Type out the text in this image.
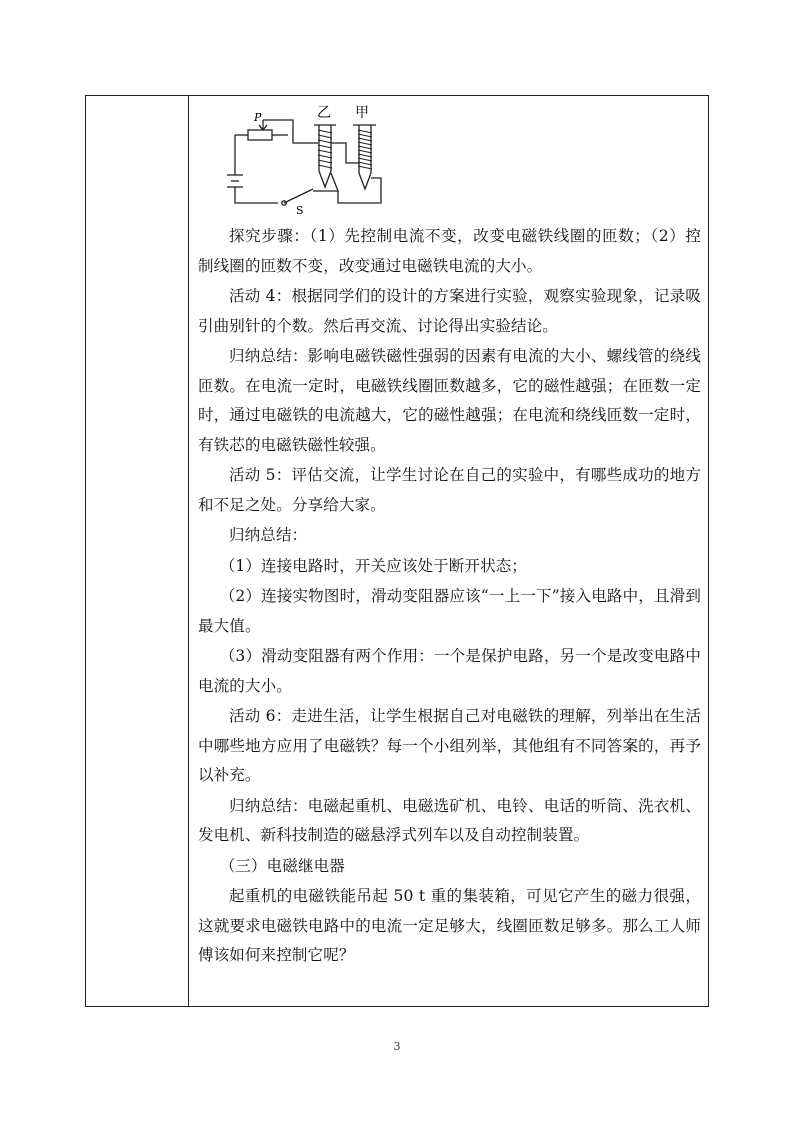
探究步骤：（1）先控制电流不变，改变电磁铁线圈的匝数；（2）控制线圈的匝数不变，改变通过电磁铁电流的大小。

活动 4：根据同学们的设计的方案进行实验，观察实验现象，记录吸引曲别针的个数。然后再交流、讨论得出实验结论。

归纳总结：影响电磁铁磁性强弱的因素有电流的大小、螺线管的绕线匝数。在电流一定时，电磁铁线圈匝数越多，它的磁性越强；在匝数一定时，通过电磁铁的电流越大，它的磁性越强；在电流和绕线匝数一定时，有铁芯的电磁铁磁性较强。

活动 5：评估交流，让学生讨论在自己的实验中，有哪些成功的地方和不足之处。分享给大家。

归纳总结：

（1）连接电路时，开关应该处于断开状态；

（2）连接实物图时，滑动变阻器应该“一上一下”接入电路中，且滑到最大值。

（3）滑动变阻器有两个作用：一个是保护电路，另一个是改变电路中电流的大小。

活动 6：走进生活，让学生根据自己对电磁铁的理解，列举出在生活中哪些地方应用了电磁铁？每一个小组列举，其他组有不同答案的，再予以补充。

归纳总结：电磁起重机、电磁选矿机、电铃、电话的听筒、洗衣机、发电机、新科技制造的磁悬浮式列车以及自动控制装置。

（三）电磁继电器

起重机的电磁铁能吊起 50 t 重的集装箱，可见它产生的磁力很强，这就要求电磁铁电路中的电流一定足够大，线圈匝数足够多。那么工人师傅该如何来控制它呢？

P	乙 甲
S
3
